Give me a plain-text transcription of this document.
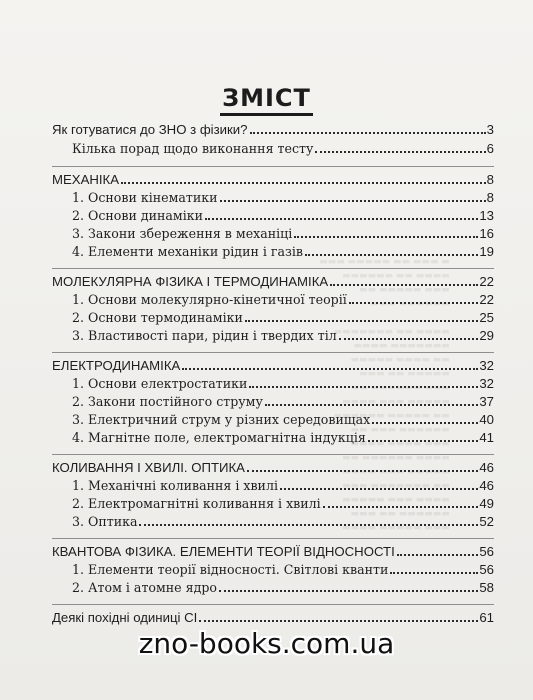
▬ ▬▬▬ ▬▬ ▬▬▬▬▬ ▬▬▬
▬▬▬▬ ▬▬ ▬▬▬▬▬▬
▬▬▬ ▬▬▬▬▬ ▬▬
▬▬▬▬▬▬ ▬▬▬

▬▬▬▬ ▬▬ ▬▬▬▬▬▬▬
▬▬▬▬▬▬▬ ▬▬▬▬
▬▬ ▬▬▬▬ ▬▬▬▬▬
▬▬▬▬▬ ▬▬ ▬▬▬
▬▬▬ ▬▬▬▬▬▬ ▬▬
▬▬▬▬▬ ▬▬▬ ▬▬▬▬
▬▬ ▬▬▬▬▬ ▬▬▬▬▬▬
▬▬▬▬▬▬ ▬▬▬ ▬▬
▬▬▬ ▬▬▬▬ ▬▬▬▬
▬▬▬▬ ▬▬▬▬▬▬ ▬▬
▬▬▬▬▬ ▬▬▬ ▬▬▬▬
▬▬ ▬▬▬▬▬▬▬ ▬▬▬
▬▬▬▬ ▬▬▬ ▬▬▬▬▬
▬▬▬▬▬▬ ▬▬ ▬▬▬
▬▬▬ ▬▬▬▬▬ ▬▬▬▬
ЗМІСТ
Як готуватися до ЗНО з фізики?	3
Кілька порад щодо виконання тесту	6
МЕХАНІКА	8
1. Основи кінематики	8
2. Основи динаміки	13
3. Закони збереження в механіці	16
4. Елементи механіки рідин і газів	19
МОЛЕКУЛЯРНА ФІЗИКА І ТЕРМОДИНАМІКА	22
1. Основи молекулярно-кінетичної теорії	22
2. Основи термодинаміки	25
3. Властивості пари, рідин і твердих тіл	29
ЕЛЕКТРОДИНАМІКА	32
1. Основи електростатики	32
2. Закони постійного струму	37
3. Електричний струм у різних середовищах	40
4. Магнітне поле, електромагнітна індукція	41
КОЛИВАННЯ І ХВИЛІ. ОПТИКА	46
1. Механічні коливання і хвилі	46
2. Електромагнітні коливання і хвилі	49
3. Оптика	52
КВАНТОВА ФІЗИКА. ЕЛЕМЕНТИ ТЕОРІЇ ВІДНОСНОСТІ	56
1. Елементи теорії відносності. Світлові кванти	56
2. Атом і атомне ядро	58
Деякі похідні одиниці СІ	61
zno-books.com.ua
